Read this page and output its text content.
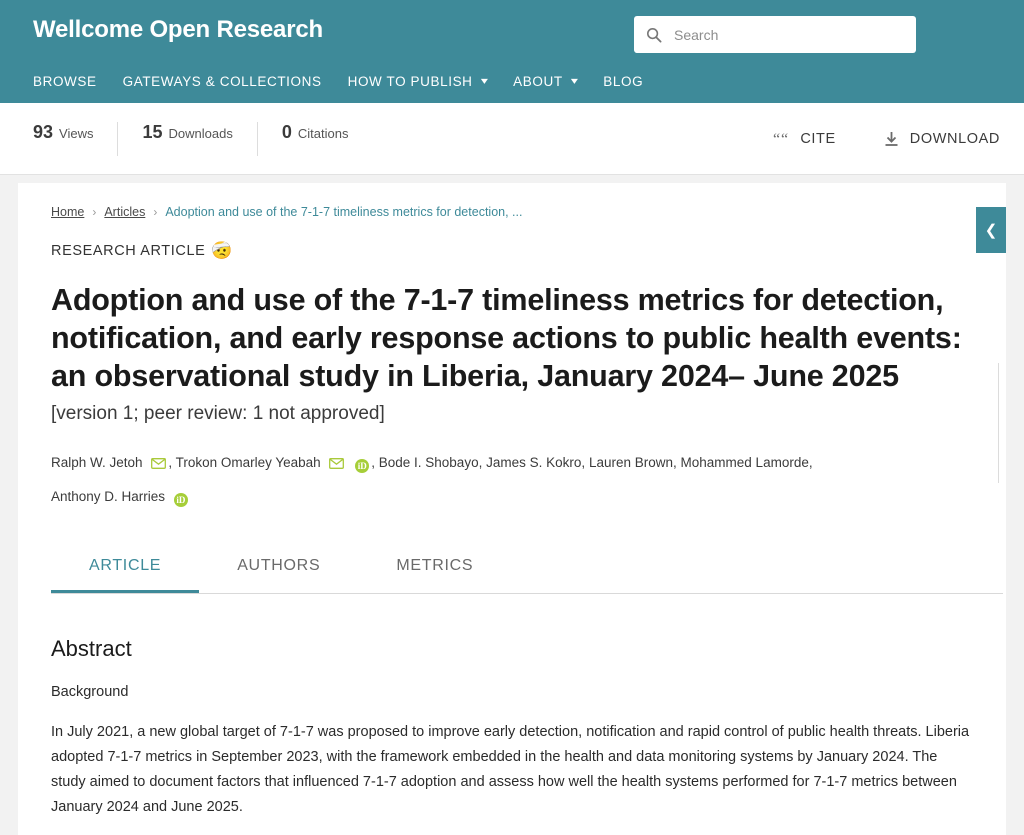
Wellcome Open Research
Search
BROWSE GATEWAYS & COLLECTIONS HOW TO PUBLISH ▾ ABOUT ▾ BLOG
93 Views	15 Downloads	0 Citations	“ “ CITE	DOWNLOAD
❮
Home › Articles › Adoption and use of the 7-1-7 timeliness metrics for detection, ...
RESEARCH ARTICLE 🤕
Adoption and use of the 7-1-7 timeliness metrics for detection, notification, and early response actions to public health events: an observational study in Liberia, January 2024– June 2025
[version 1; peer review: 1 not approved]
Ralph W. Jetoh , Trokon Omarley Yeabah	iD , Bode I. Shobayo, James S. Kokro, Lauren Brown, Mohammed Lamorde,
Anthony D. Harries iD
ARTICLE	AUTHORS	METRICS
Abstract
Background

In July 2021, a new global target of 7-1-7 was proposed to improve early detection, notification and rapid control of public health threats. Liberia adopted 7-1-7 metrics in September 2023, with the framework embedded in the health and data monitoring systems by January 2024. The study aimed to document factors that influenced 7-1-7 adoption and assess how well the health systems performed for 7-1-7 metrics between January 2024 and June 2025.
